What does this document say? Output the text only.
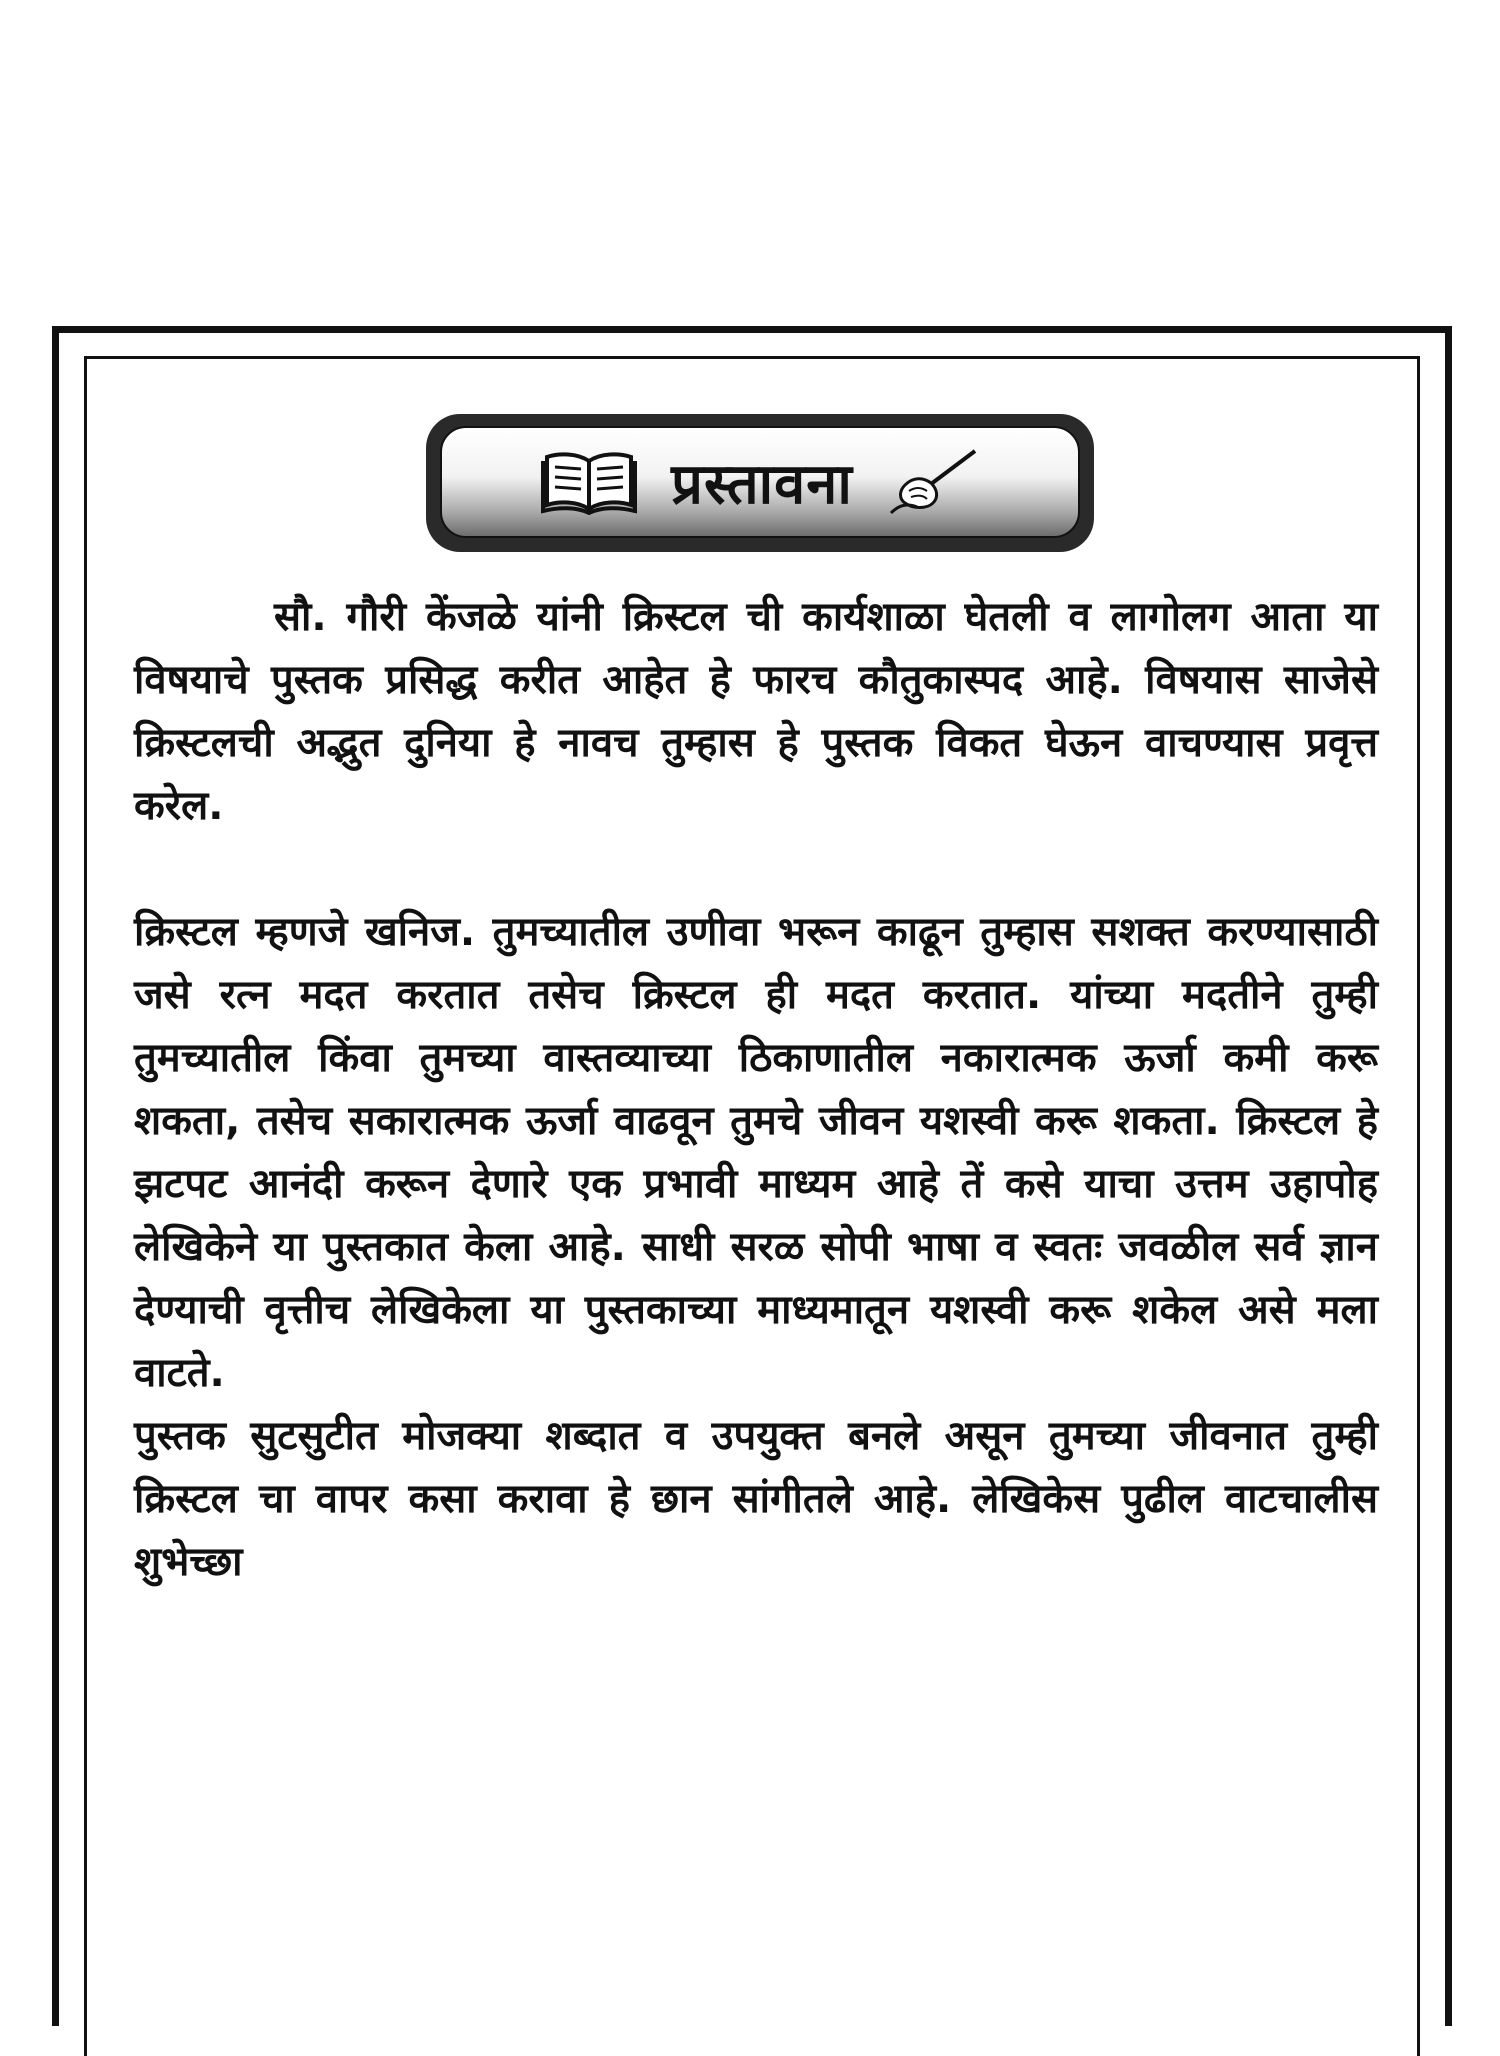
प्रस्तावना

सौ. गौरी केंजळे यांनी क्रिस्टल ची कार्यशाळा घेतली व लागोलग आता या विषयाचे पुस्तक प्रसिद्ध करीत आहेत हे फारच कौतुकास्पद आहे. विषयास साजेसे क्रिस्टलची अद्भुत दुनिया हे नावच तुम्हास हे पुस्तक विकत घेऊन वाचण्यास प्रवृत्त करेल.

क्रिस्टल म्हणजे खनिज. तुमच्यातील उणीवा भरून काढून तुम्हास सशक्त करण्यासाठी जसे रत्न मदत करतात तसेच क्रिस्टल ही मदत करतात. यांच्या मदतीने तुम्ही तुमच्यातील किंवा तुमच्या वास्तव्याच्या ठिकाणातील नकारात्मक ऊर्जा कमी करू शकता, तसेच सकारात्मक ऊर्जा वाढवून तुमचे जीवन यशस्वी करू शकता. क्रिस्टल हे झटपट आनंदी करून देणारे एक प्रभावी माध्यम आहे तें कसे याचा उत्तम उहापोह लेखिकेने या पुस्तकात केला आहे. साधी सरळ सोपी भाषा व स्वतः जवळील सर्व ज्ञान देण्याची वृत्तीच लेखिकेला या पुस्तकाच्या माध्यमातून यशस्वी करू शकेल असे मला वाटते.

पुस्तक सुटसुटीत मोजक्या शब्दात व उपयुक्त बनले असून तुमच्या जीवनात तुम्ही क्रिस्टल चा वापर कसा करावा हे छान सांगीतले आहे. लेखिकेस पुढील वाटचालीस शुभेच्छा
